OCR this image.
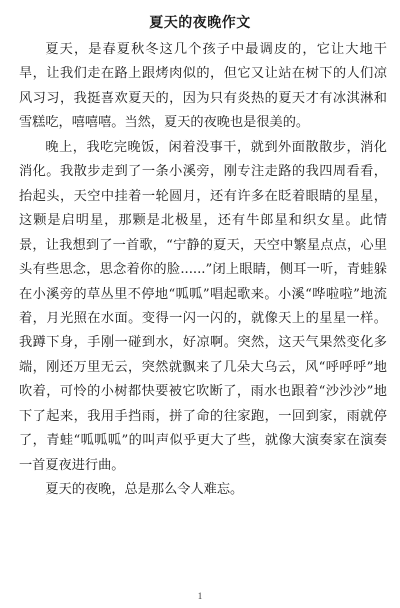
夏天的夜晚作文

夏天，是春夏秋冬这几个孩子中最调皮的，它让大地干旱，让我们走在路上跟烤肉似的，但它又让站在树下的人们凉风习习，我挺喜欢夏天的，因为只有炎热的夏天才有冰淇淋和雪糕吃，嘻嘻嘻。当然，夏天的夜晚也是很美的。

晚上，我吃完晚饭，闲着没事干，就到外面散散步，消化消化。我散步走到了一条小溪旁，刚专注走路的我四周看看，抬起头，天空中挂着一轮圆月，还有许多在眨着眼睛的星星，这颗是启明星，那颗是北极星，还有牛郎星和织女星。此情景，让我想到了一首歌，“宁静的夏天，天空中繁星点点，心里头有些思念，思念着你的脸......”闭上眼睛，侧耳一听，青蛙躲在小溪旁的草丛里不停地“呱呱”唱起歌来。小溪“哗啦啦”地流着，月光照在水面。变得一闪一闪的，就像天上的星星一样。我蹲下身，手刚一碰到水，好凉啊。突然，这天气果然变化多端，刚还万里无云，突然就飘来了几朵大乌云，风“呼呼呼”地吹着，可怜的小树都快要被它吹断了，雨水也跟着“沙沙沙”地下了起来，我用手挡雨，拼了命的往家跑，一回到家，雨就停了，青蛙“呱呱呱”的叫声似乎更大了些，就像大演奏家在演奏一首夏夜进行曲。

夏天的夜晚，总是那么令人难忘。

1
